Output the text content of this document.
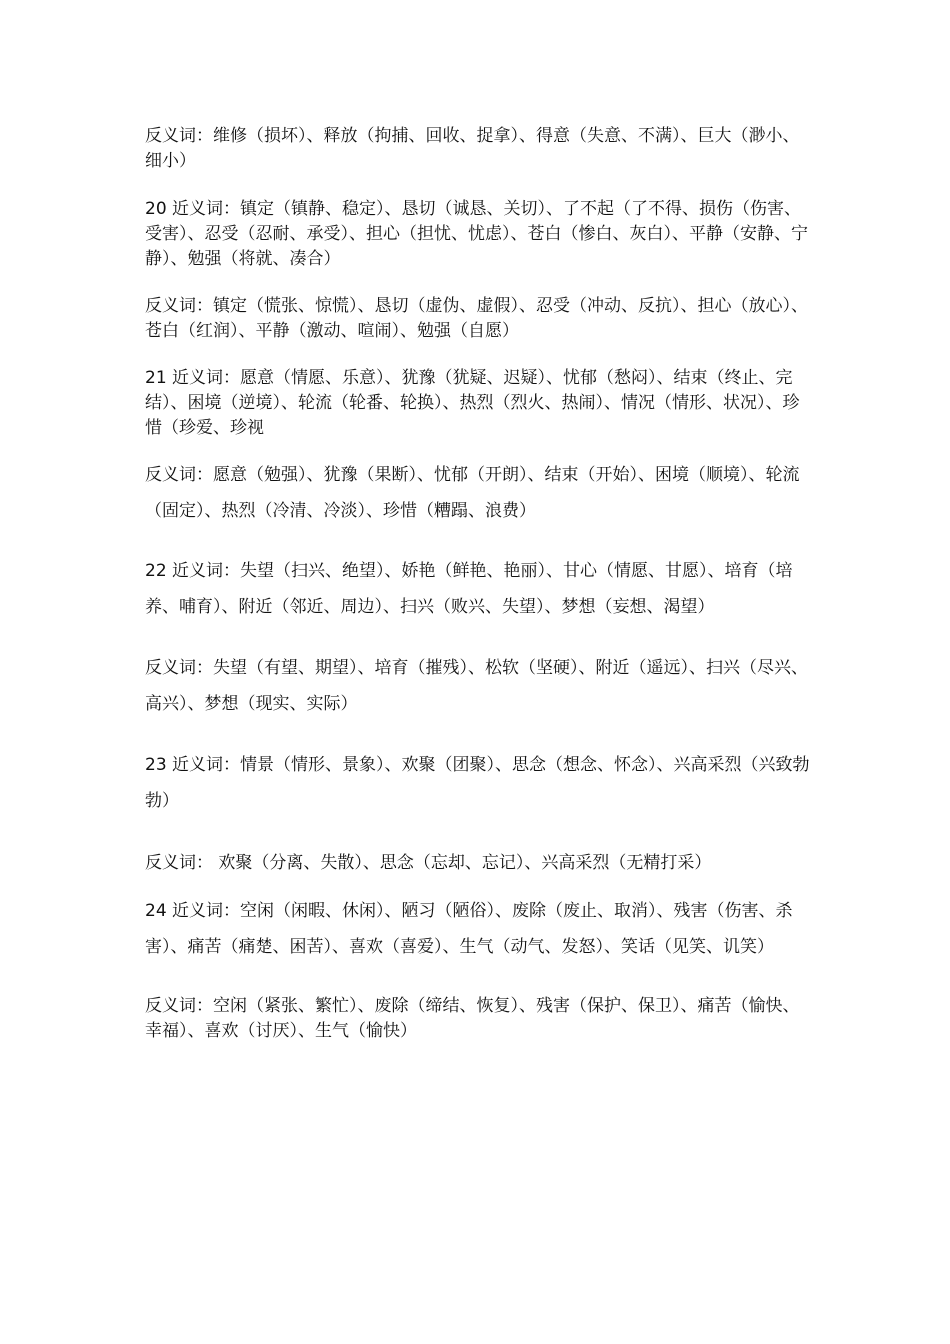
反义词：维修（损坏）、释放（拘捕、回收、捉拿）、得意（失意、不满）、巨大（渺小、细小）

20 近义词：镇定（镇静、稳定）、恳切（诚恳、关切）、了不起（了不得、损伤（伤害、受害）、忍受（忍耐、承受）、担心（担忧、忧虑）、苍白（惨白、灰白）、平静（安静、宁静）、勉强（将就、凑合）

反义词：镇定（慌张、惊慌）、恳切（虚伪、虚假）、忍受（冲动、反抗）、担心（放心）、苍白（红润）、平静（激动、喧闹）、勉强（自愿）

21 近义词：愿意（情愿、乐意）、犹豫（犹疑、迟疑）、忧郁（愁闷）、结束（终止、完结）、困境（逆境）、轮流（轮番、轮换）、热烈（烈火、热闹）、情况（情形、状况）、珍惜（珍爱、珍视

反义词：愿意（勉强）、犹豫（果断）、忧郁（开朗）、结束（开始）、困境（顺境）、轮流（固定）、热烈（冷清、冷淡）、珍惜（糟蹋、浪费）

22 近义词：失望（扫兴、绝望）、娇艳（鲜艳、艳丽）、甘心（情愿、甘愿）、培育（培养、哺育）、附近（邻近、周边）、扫兴（败兴、失望）、梦想（妄想、渴望）

反义词：失望（有望、期望）、培育（摧残）、松软（坚硬）、附近（遥远）、扫兴（尽兴、高兴）、梦想（现实、实际）

23 近义词：情景（情形、景象）、欢聚（团聚）、思念（想念、怀念）、兴高采烈（兴致勃勃）

反义词： 欢聚（分离、失散）、思念（忘却、忘记）、兴高采烈（无精打采）

24 近义词：空闲（闲暇、休闲）、陋习（陋俗）、废除（废止、取消）、残害（伤害、杀害）、痛苦（痛楚、困苦）、喜欢（喜爱）、生气（动气、发怒）、笑话（见笑、讥笑）

反义词：空闲（紧张、繁忙）、废除（缔结、恢复）、残害（保护、保卫）、痛苦（愉快、幸福）、喜欢（讨厌）、生气（愉快）
